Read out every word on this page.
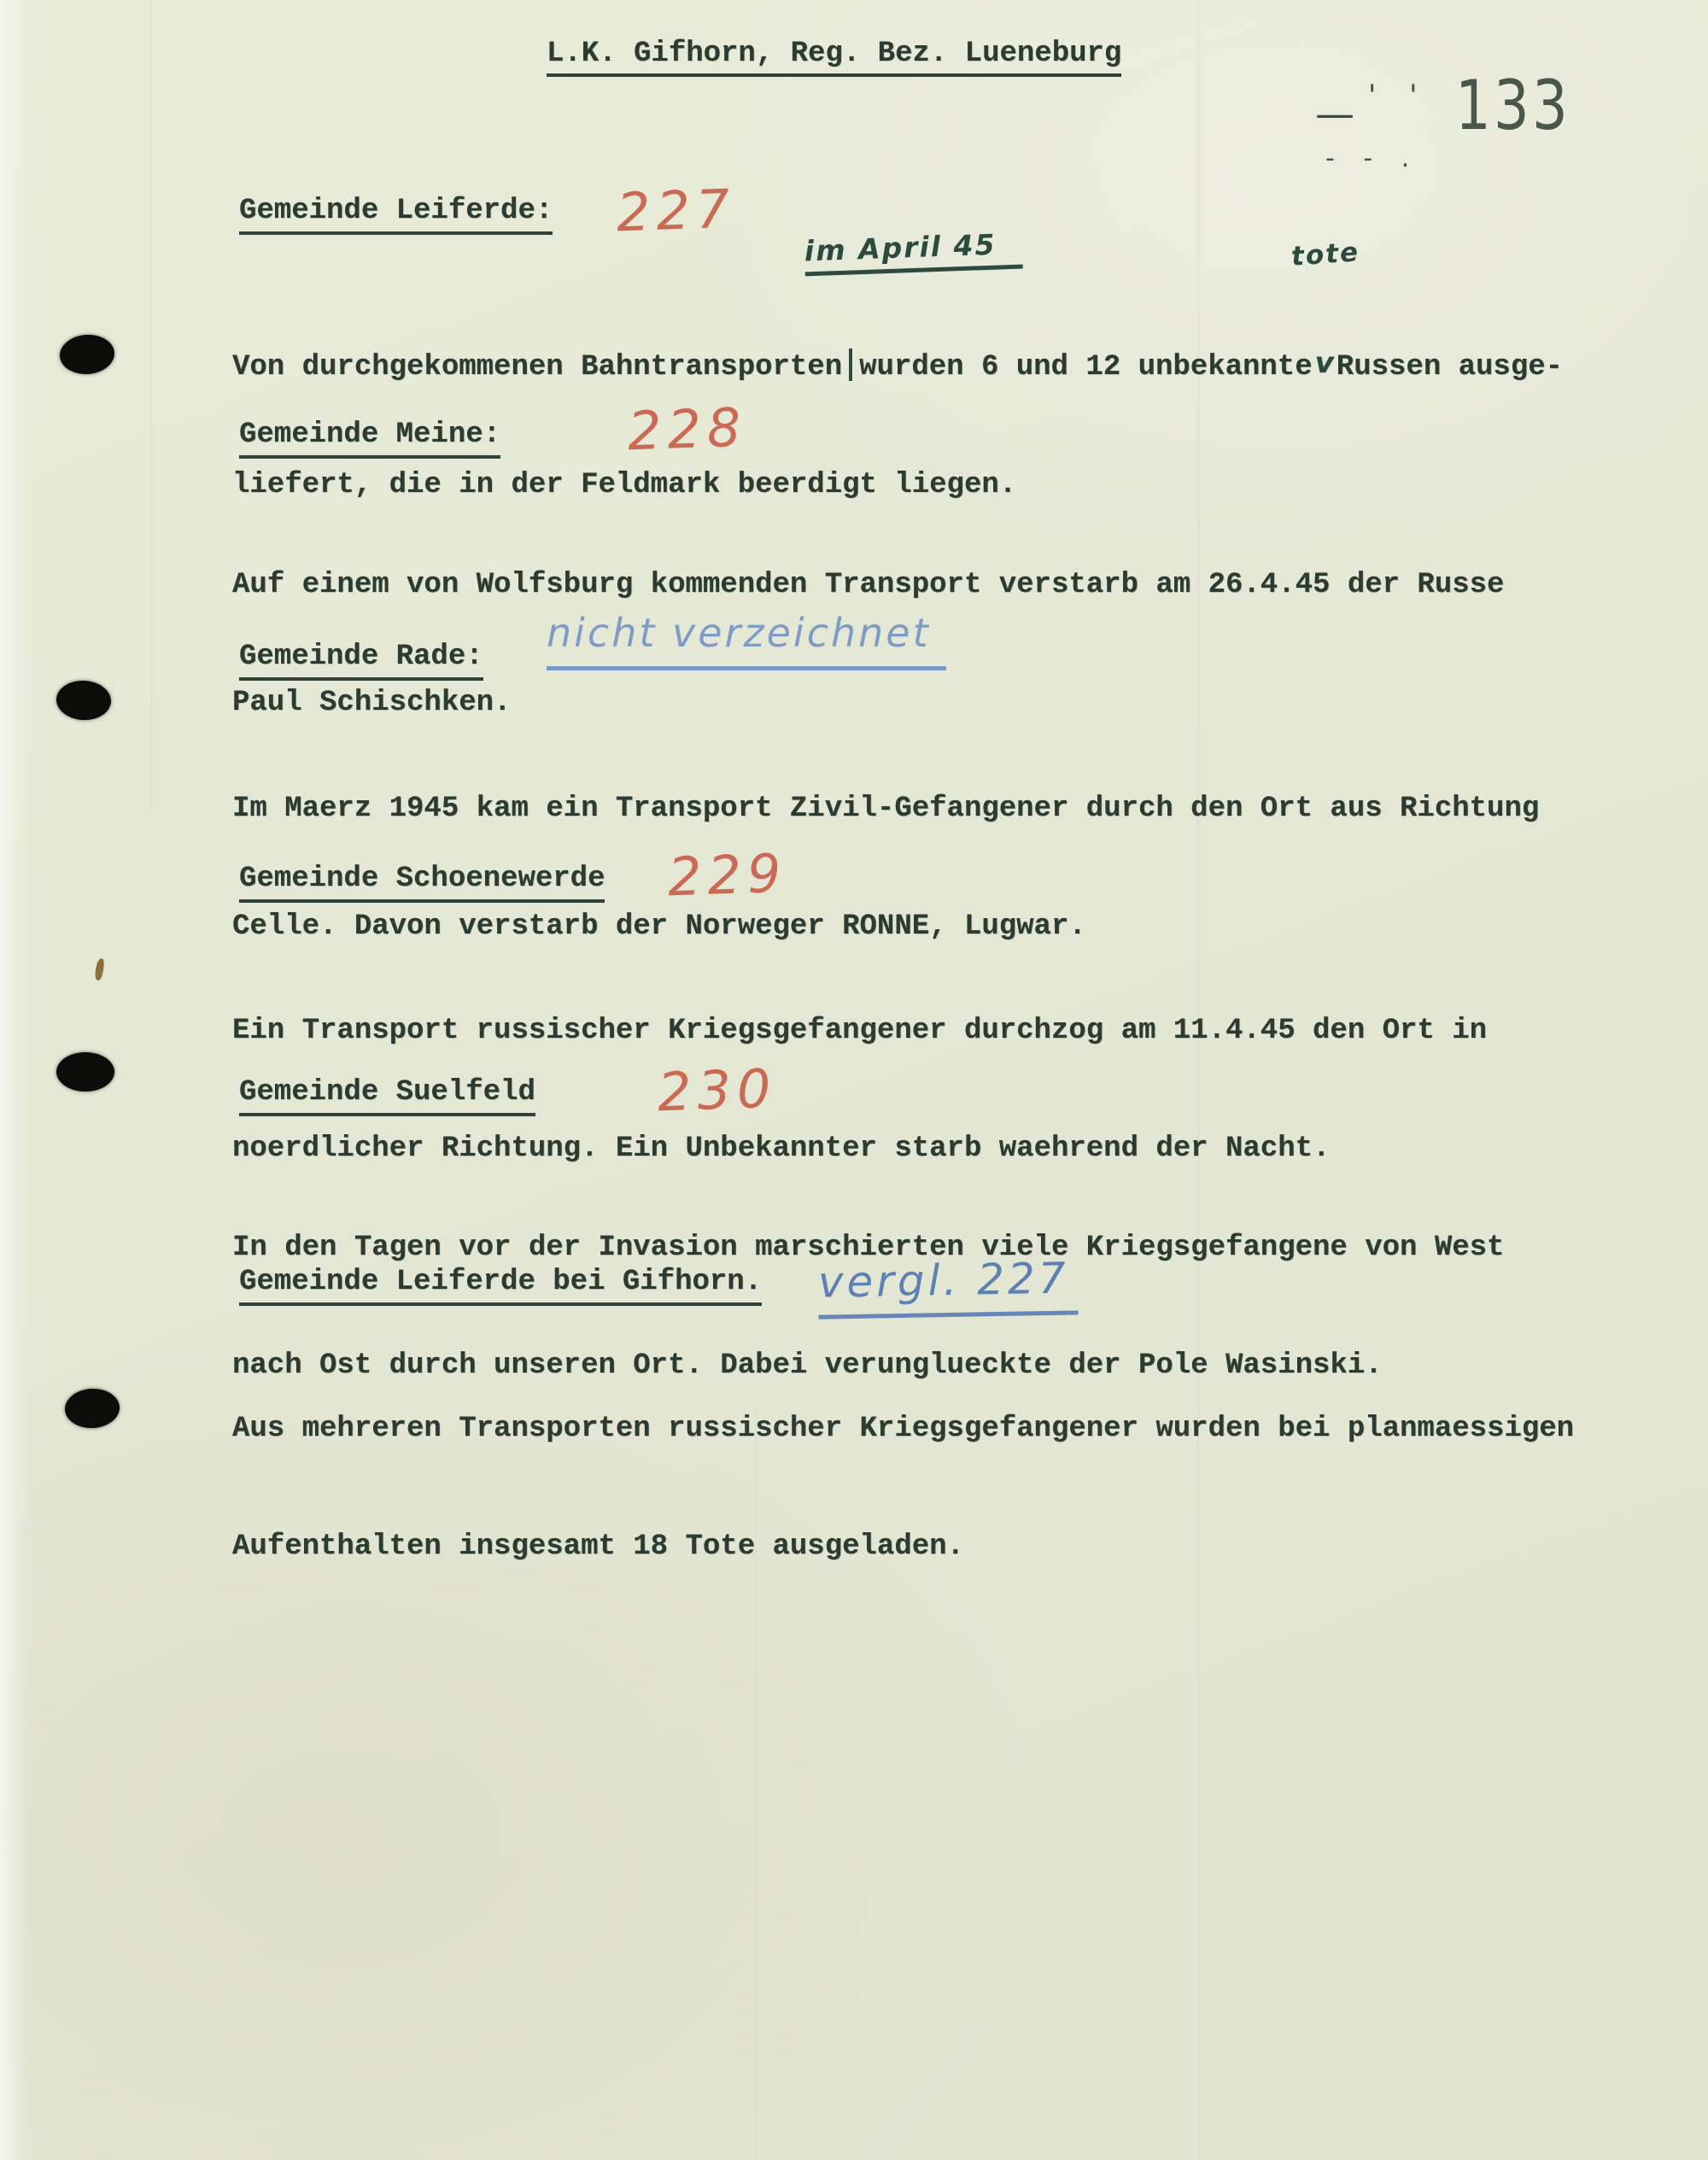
L.K. Gifhorn, Reg. Bez. Lueneburg
— ' ' 133
- - .
Gemeinde Leiferde: 227
im April 45	tote

Von durchgekommenen Bahntransporten wurden 6 und 12 unbekanntevRussen ausge-

liefert, die in der Feldmark beerdigt liegen.

Gemeinde Meine: 228

Auf einem von Wolfsburg kommenden Transport verstarb am 26.4.45 der Russe

Paul Schischken.

Gemeinde Rade:
nicht verzeichnet

Im Maerz 1945 kam ein Transport Zivil-Gefangener durch den Ort aus Richtung

Celle. Davon verstarb der Norweger RONNE, Lugwar.

Gemeinde Schoenewerde 229

Ein Transport russischer Kriegsgefangener durchzog am 11.4.45 den Ort in

noerdlicher Richtung. Ein Unbekannter starb waehrend der Nacht.

Gemeinde Suelfeld 230

In den Tagen vor der Invasion marschierten viele Kriegsgefangene von West

nach Ost durch unseren Ort. Dabei verunglueckte der Pole Wasinski.

Gemeinde Leiferde bei Gifhorn. vergl. 227

Aus mehreren Transporten russischer Kriegsgefangener wurden bei planmaessigen

Aufenthalten insgesamt 18 Tote ausgeladen.
